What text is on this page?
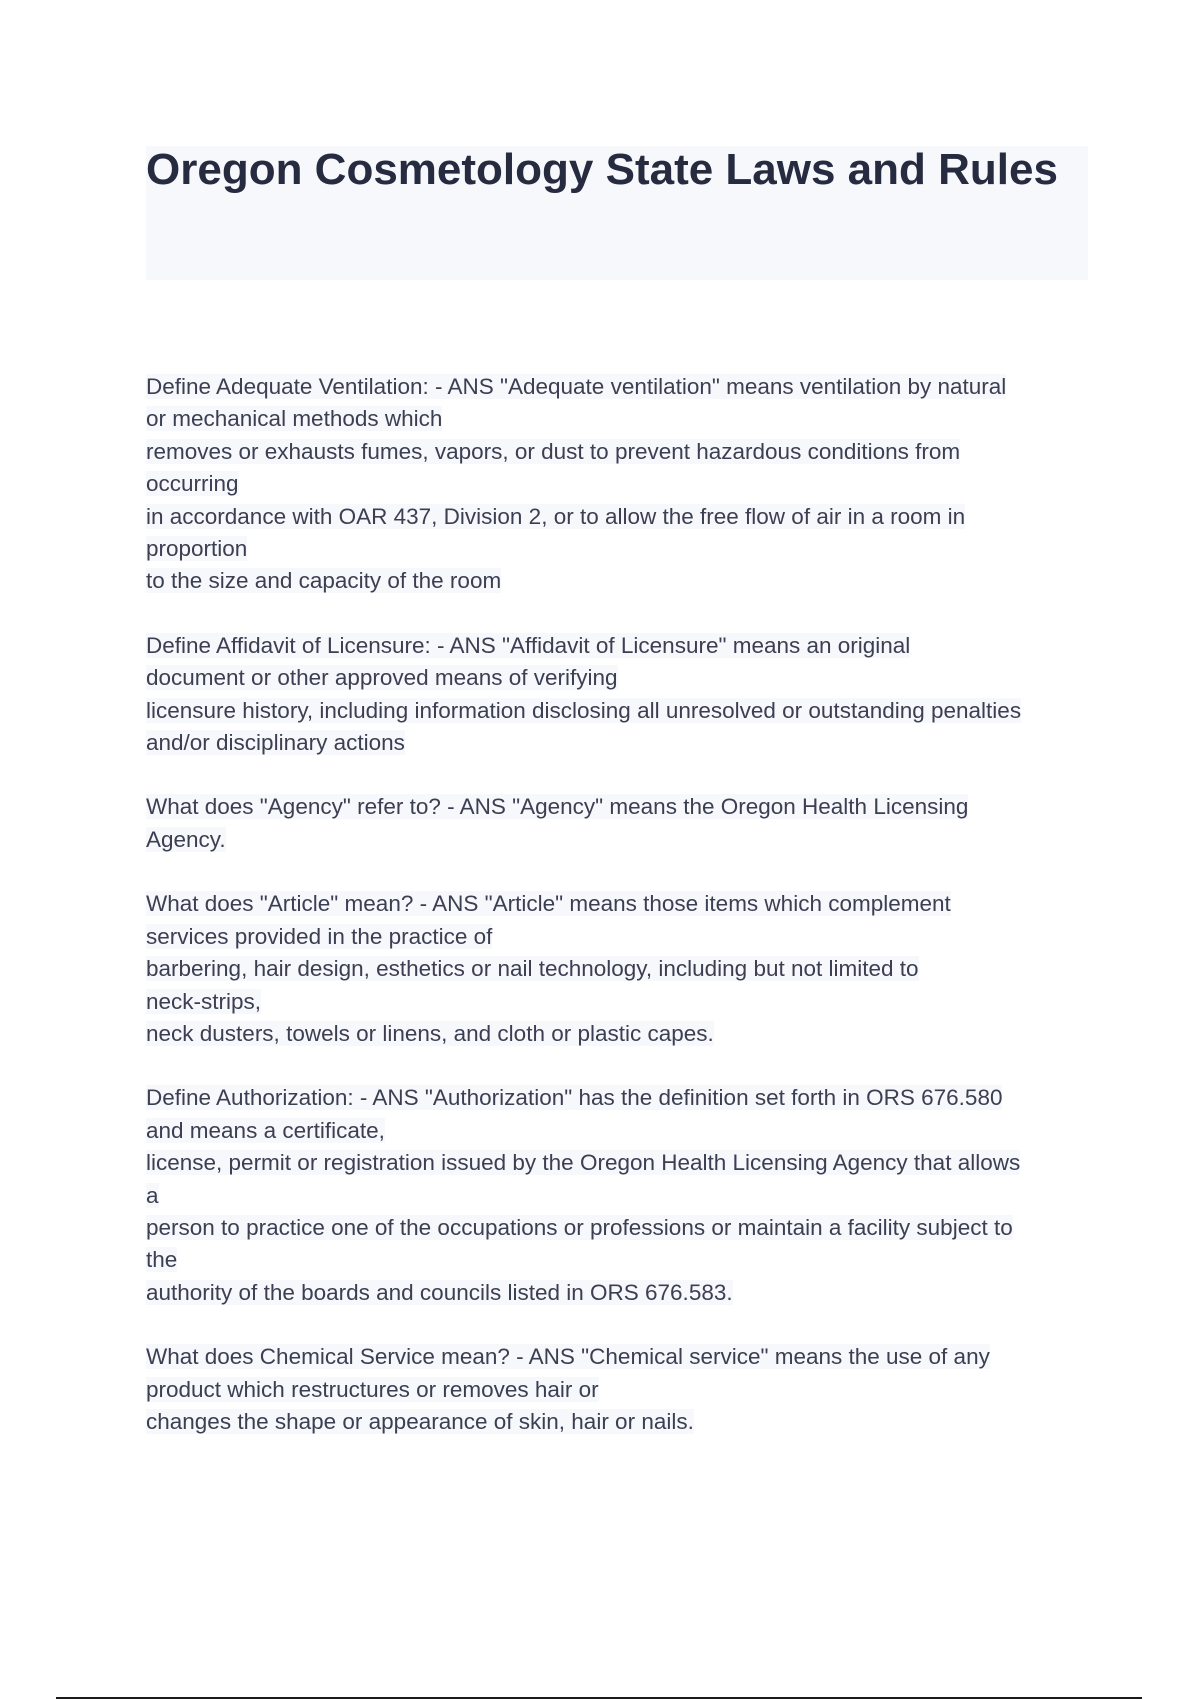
Oregon Cosmetology State Laws and Rules
Define Adequate Ventilation: - ANS "Adequate ventilation" means ventilation by natural
or mechanical methods which
removes or exhausts fumes, vapors, or dust to prevent hazardous conditions from
occurring
in accordance with OAR 437, Division 2, or to allow the free flow of air in a room in
proportion
to the size and capacity of the room
Define Affidavit of Licensure: - ANS "Affidavit of Licensure" means an original
document or other approved means of verifying
licensure history, including information disclosing all unresolved or outstanding penalties
and/or disciplinary actions
What does "Agency" refer to? - ANS "Agency" means the Oregon Health Licensing
Agency.
What does "Article" mean? - ANS "Article" means those items which complement
services provided in the practice of
barbering, hair design, esthetics or nail technology, including but not limited to
neck-strips,
neck dusters, towels or linens, and cloth or plastic capes.
Define Authorization: - ANS "Authorization" has the definition set forth in ORS 676.580
and means a certificate,
license, permit or registration issued by the Oregon Health Licensing Agency that allows
a
person to practice one of the occupations or professions or maintain a facility subject to
the
authority of the boards and councils listed in ORS 676.583.
What does Chemical Service mean? - ANS "Chemical service" means the use of any
product which restructures or removes hair or
changes the shape or appearance of skin, hair or nails.
